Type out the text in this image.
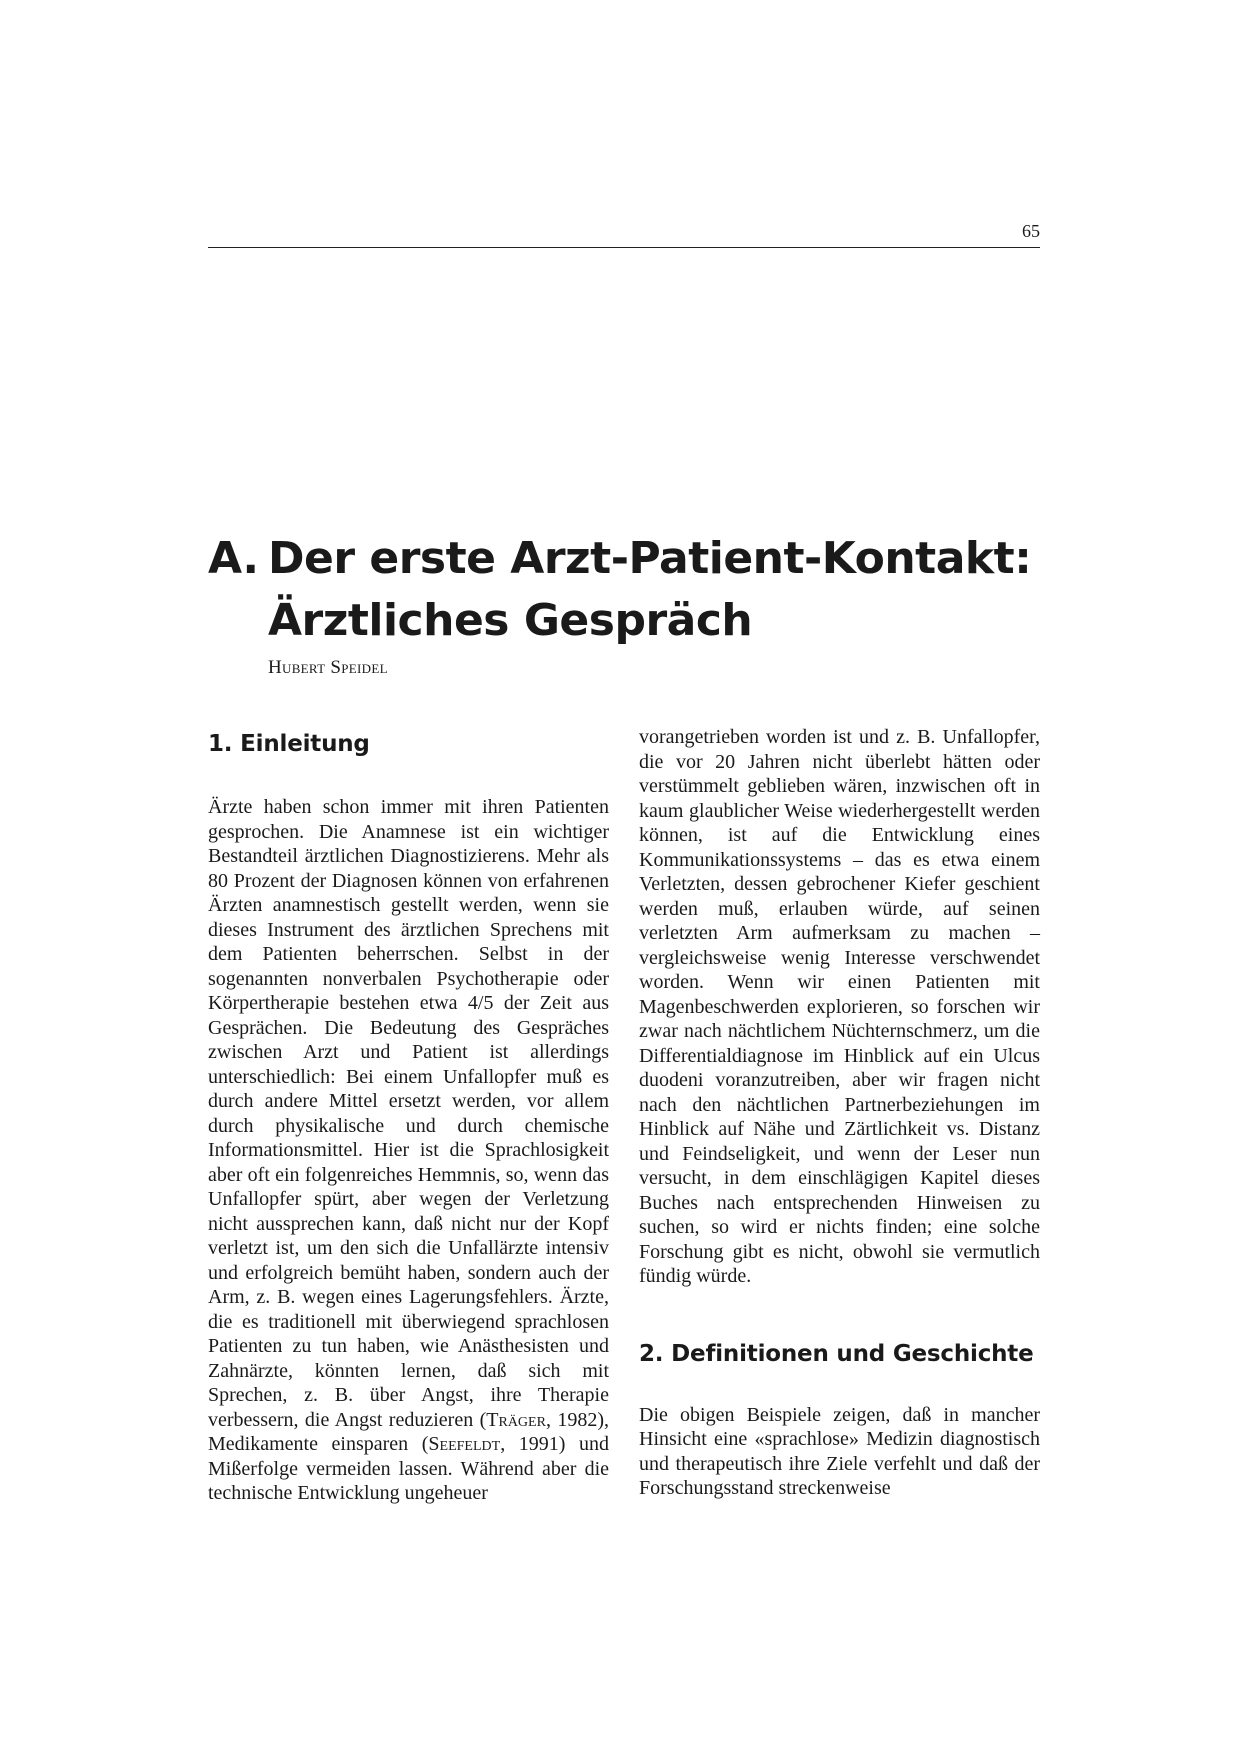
65
A. Der erste Arzt-Patient-Kontakt:
Ärztliches Gespräch
Hubert Speidel
1. Einleitung

Ärzte haben schon immer mit ihren Patienten gesprochen. Die Anamnese ist ein wichtiger Bestandteil ärztlichen Diagnostizierens. Mehr als 80 Prozent der Diagnosen können von erfahrenen Ärzten anamnestisch gestellt werden, wenn sie dieses Instrument des ärztlichen Sprechens mit dem Patienten beherrschen. Selbst in der sogenannten nonverbalen Psychotherapie oder Körpertherapie bestehen etwa 4/5 der Zeit aus Gesprächen. Die Bedeutung des Gespräches zwischen Arzt und Patient ist allerdings unterschiedlich: Bei einem Unfallopfer muß es durch andere Mittel ersetzt werden, vor allem durch physikalische und durch chemische Informationsmittel. Hier ist die Sprachlosigkeit aber oft ein folgenreiches Hemmnis, so, wenn das Unfallopfer spürt, aber wegen der Verletzung nicht aussprechen kann, daß nicht nur der Kopf verletzt ist, um den sich die Unfallärzte intensiv und erfolgreich bemüht haben, sondern auch der Arm, z. B. wegen eines Lagerungsfehlers. Ärzte, die es traditionell mit überwiegend sprachlosen Patienten zu tun haben, wie Anästhesisten und Zahnärzte, könnten lernen, daß sich mit Sprechen, z. B. über Angst, ihre Therapie verbessern, die Angst reduzieren (Träger, 1982), Medikamente einsparen (Seefeldt, 1991) und Mißerfolge vermeiden lassen. Während aber die technische Entwicklung ungeheuer

vorangetrieben worden ist und z. B. Unfallopfer, die vor 20 Jahren nicht überlebt hätten oder verstümmelt geblieben wären, inzwischen oft in kaum glaublicher Weise wiederhergestellt werden können, ist auf die Entwicklung eines Kommunikationssystems – das es etwa einem Verletzten, dessen gebrochener Kiefer geschient werden muß, erlauben würde, auf seinen verletzten Arm aufmerksam zu machen – vergleichsweise wenig Interesse verschwendet worden. Wenn wir einen Patienten mit Magenbeschwerden explorieren, so forschen wir zwar nach nächtlichem Nüchternschmerz, um die Differentialdiagnose im Hinblick auf ein Ulcus duodeni voranzutreiben, aber wir fragen nicht nach den nächtlichen Partnerbeziehungen im Hinblick auf Nähe und Zärtlichkeit vs. Distanz und Feindseligkeit, und wenn der Leser nun versucht, in dem einschlägigen Kapitel dieses Buches nach entsprechenden Hinweisen zu suchen, so wird er nichts finden; eine solche Forschung gibt es nicht, obwohl sie vermutlich fündig würde.

2. Definitionen und Geschichte

Die obigen Beispiele zeigen, daß in mancher Hinsicht eine «sprachlose» Medizin diagnostisch und therapeutisch ihre Ziele verfehlt und daß der Forschungsstand streckenweise
